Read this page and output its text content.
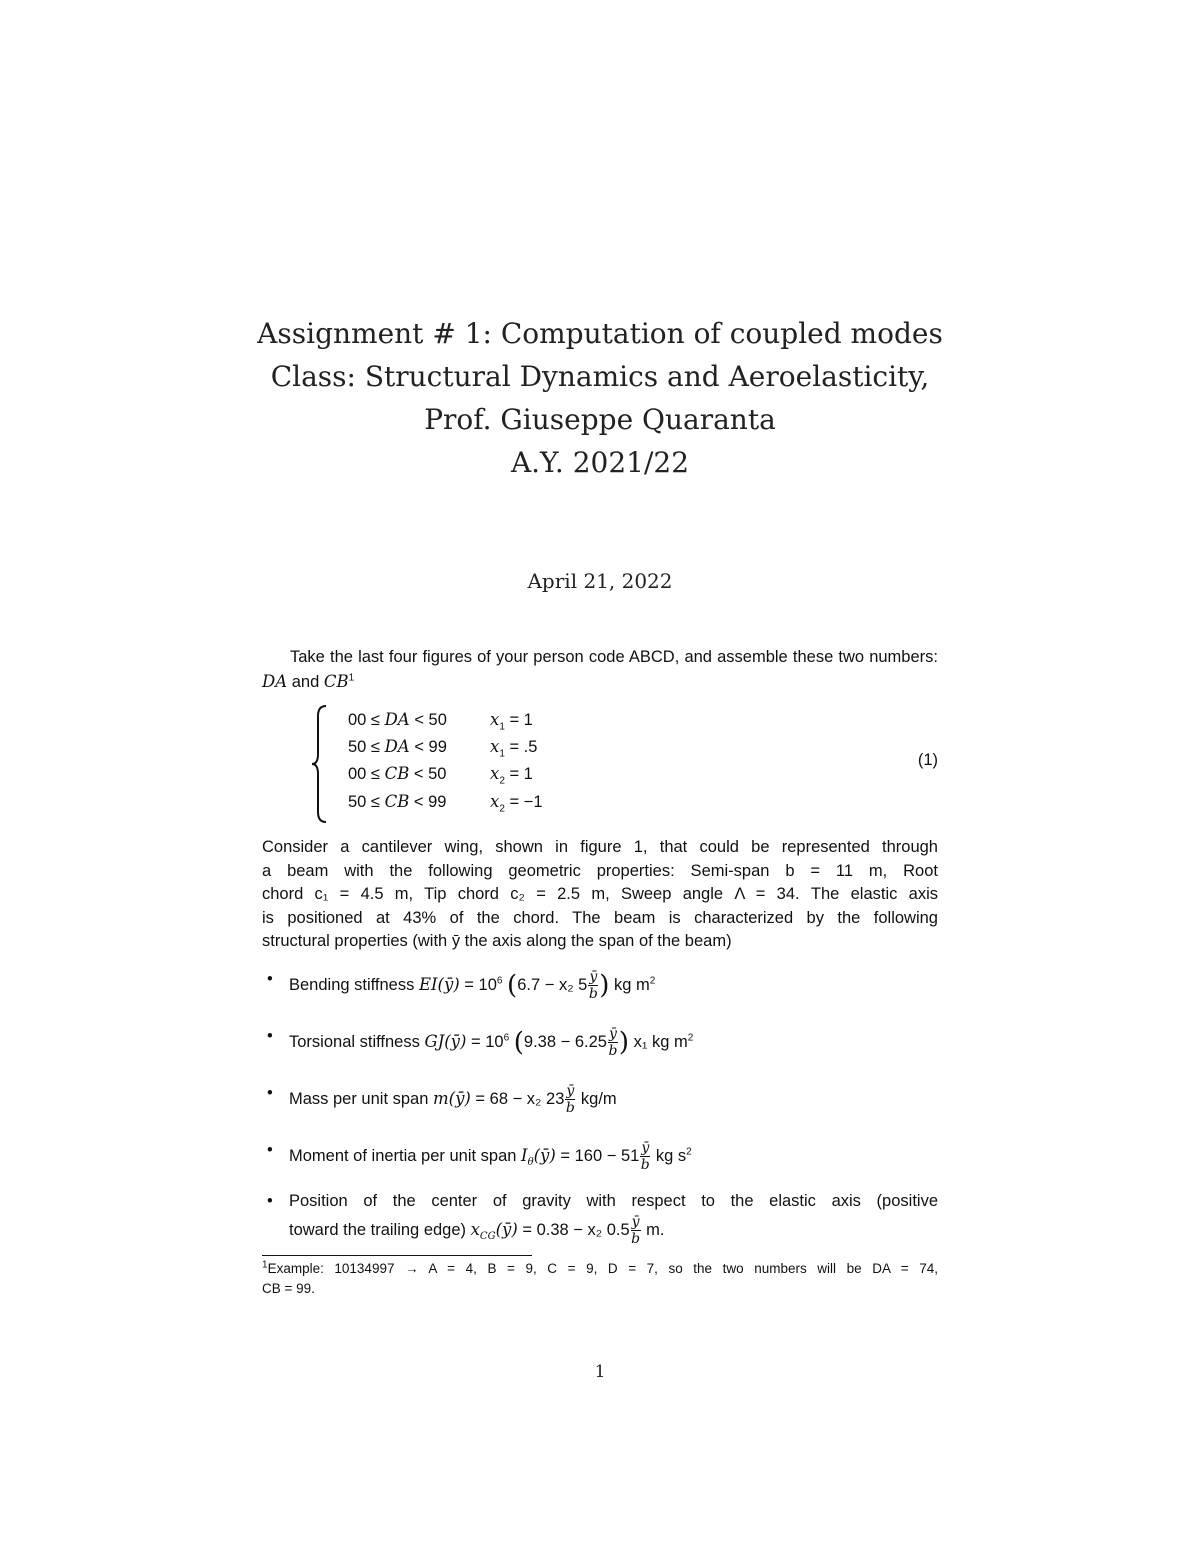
Assignment # 1: Computation of coupled modes
Class: Structural Dynamics and Aeroelasticity,
Prof. Giuseppe Quaranta
A.Y. 2021/22
April 21, 2022
Take the last four figures of your person code ABCD, and assemble these two numbers: DA and $CB^1$
00 ≤ DA < 50	$x_1 = 1$
50 ≤ DA < 99	$x_1 = .5$
00 ≤ CB < 50	$x_2 = 1$
50 ≤ CB < 99	$x_2 = -1$
(1)
Consider a cantilever wing, shown in figure 1, that could be represented through
a beam with the following geometric properties: Semi-span b = 11 m, Root
chord c₁ = 4.5 m, Tip chord c₂ = 2.5 m, Sweep angle Λ = 34. The elastic axis
is positioned at 43% of the chord. The beam is characterized by the following
structural properties (with ȳ the axis along the span of the beam)
• Bending stiffness EI(ȳ) = $10^6$ (6.7 − x₂ $5 \frac{ȳ}{b}$ ) kg $m^2$
• Torsional stiffness GJ(ȳ) = $10^6$ ($9.38 - 6.25 \frac{ȳ}{b}$ ) x₁ kg $m^2$
• Mass per unit span m(ȳ) = 68 − x₂ $23 \frac{ȳ}{b} kg/m$
• Moment of inertia per unit span $I_\theta(ȳ) = 160 - 51 \frac{ȳ}{b}$ kg $s^2$
• Position of the center of gravity with respect to the elastic axis (positive
toward the trailing edge) $x_{CG}(ȳ) = 0.38 - x_2$ $0.5 \frac{ȳ}{b} m$.
$^1$Example: 10134997 → A = 4, B = 9, C = 9, D = 7, so the two numbers will be DA = 74,
CB = 99.
1
